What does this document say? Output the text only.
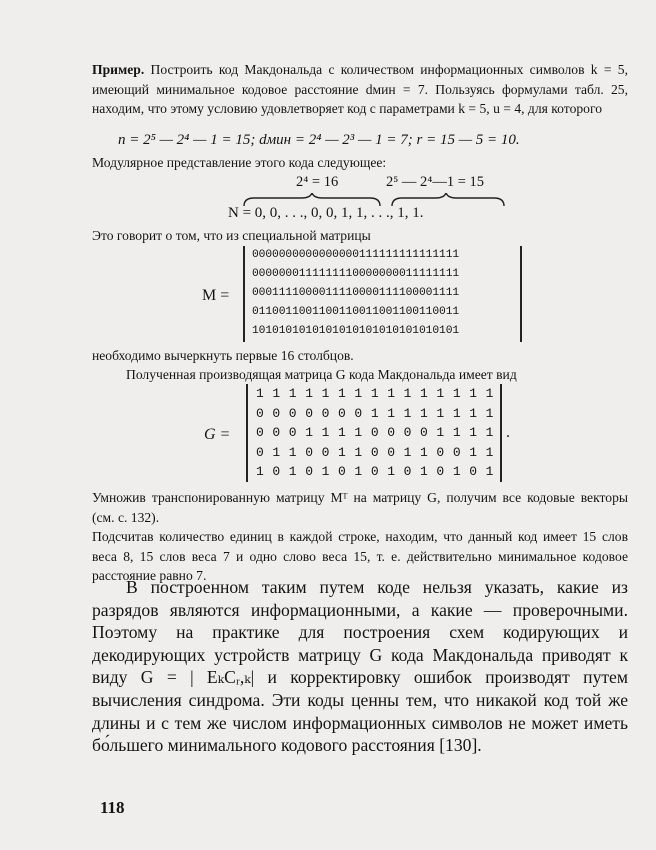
Пример. Построить код Макдональда с количеством информационных символов k = 5, имеющий минимальное кодовое расстояние dмин = 7. Пользуясь формулами табл. 25, находим, что этому условию удовлетворяет код с параметрами k = 5, u = 4, для которого

n = 2⁵ — 2⁴ — 1 = 15; dмин = 2⁴ — 2³ — 1 = 7; r = 15 — 5 = 10.
Модулярное представление этого кода следующее:
2⁴ = 16	2⁵ — 2⁴—1 = 15
N = 0, 0, . . ., 0, 0, 1, 1, . . ., 1, 1.
Это говорит о том, что из специальной матрицы
M =
0000000000000000111111111111111
0000000111111110000000011111111
0001111000011110000111100001111
0110011001100110011001100110011
1010101010101010101010101010101
необходимо вычеркнуть первые 16 столбцов.
Полученная производящая матрица G кода Макдональда имеет вид
G =
1 1 1 1 1 1 1 1 1 1 1 1 1 1 1
0 0 0 0 0 0 0 1 1 1 1 1 1 1 1
0 0 0 1 1 1 1 0 0 0 0 1 1 1 1
0 1 1 0 0 1 1 0 0 1 1 0 0 1 1
1 0 1 0 1 0 1 0 1 0 1 0 1 0 1
.
Умножив транспонированную матрицу Mᵀ на матрицу G, получим все кодовые векторы (см. с. 132).
Подсчитав количество единиц в каждой строке, находим, что данный код имеет 15 слов веса 8, 15 слов веса 7 и одно слово веса 15, т. е. действительно минимальное кодовое расстояние равно 7.

В построенном таким путем коде нельзя указать, какие из разрядов являются информационными, а какие — проверочными. Поэтому на практике для построения схем кодирующих и декодирующих устройств матрицу G кода Макдональда приводят к виду G = | EₖCᵣ,ₖ| и корректировку ошибок производят путем вычисления синдрома. Эти коды ценны тем, что никакой код той же длины и с тем же числом информационных символов не может иметь бо́льшего минимального кодового расстояния [130].

118
